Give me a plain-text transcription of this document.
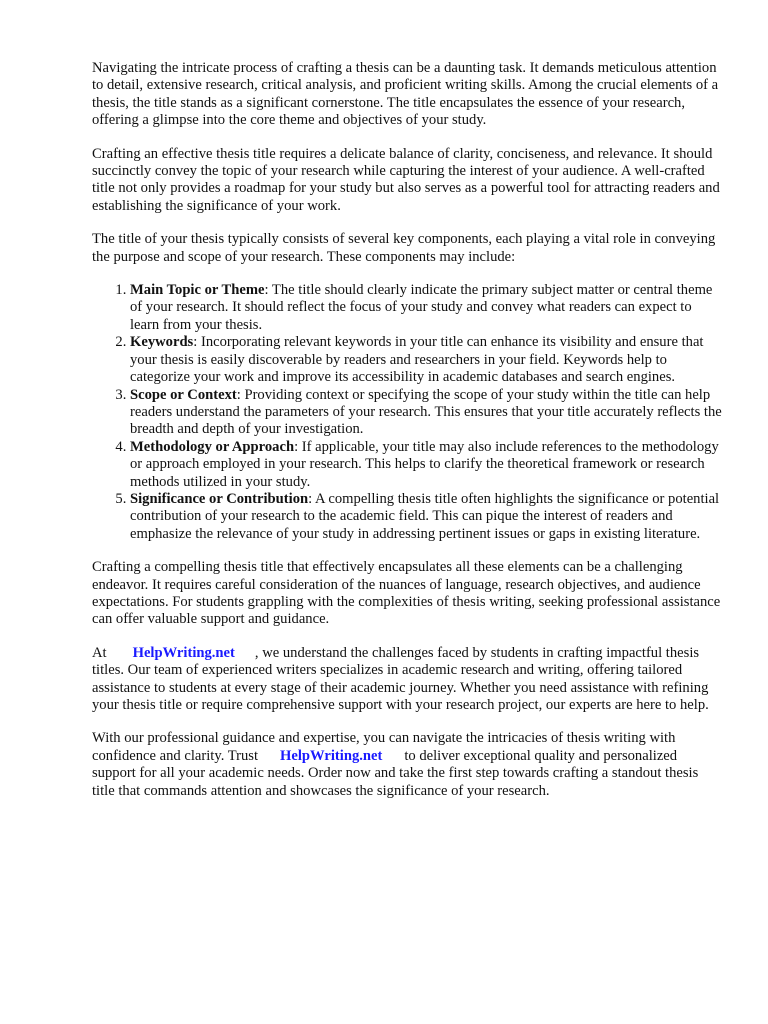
Navigating the intricate process of crafting a thesis can be a daunting task. It demands meticulous attention to detail, extensive research, critical analysis, and proficient writing skills. Among the crucial elements of a thesis, the title stands as a significant cornerstone. The title encapsulates the essence of your research, offering a glimpse into the core theme and objectives of your study.

Crafting an effective thesis title requires a delicate balance of clarity, conciseness, and relevance. It should succinctly convey the topic of your research while capturing the interest of your audience. A well-crafted title not only provides a roadmap for your study but also serves as a powerful tool for attracting readers and establishing the significance of your work.

The title of your thesis typically consists of several key components, each playing a vital role in conveying the purpose and scope of your research. These components may include:

1. Main Topic or Theme: The title should clearly indicate the primary subject matter or central theme of your research. It should reflect the focus of your study and convey what readers can expect to learn from your thesis.
2. Keywords: Incorporating relevant keywords in your title can enhance its visibility and ensure that your thesis is easily discoverable by readers and researchers in your field. Keywords help to categorize your work and improve its accessibility in academic databases and search engines.
3. Scope or Context: Providing context or specifying the scope of your study within the title can help readers understand the parameters of your research. This ensures that your title accurately reflects the breadth and depth of your investigation.
4. Methodology or Approach: If applicable, your title may also include references to the methodology or approach employed in your research. This helps to clarify the theoretical framework or research methods utilized in your study.
5. Significance or Contribution: A compelling thesis title often highlights the significance or potential contribution of your research to the academic field. This can pique the interest of readers and emphasize the relevance of your study in addressing pertinent issues or gaps in existing literature.

Crafting a compelling thesis title that effectively encapsulates all these elements can be a challenging endeavor. It requires careful consideration of the nuances of language, research objectives, and audience expectations. For students grappling with the complexities of thesis writing, seeking professional assistance can offer valuable support and guidance.

At HelpWriting.net , we understand the challenges faced by students in crafting impactful thesis titles. Our team of experienced writers specializes in academic research and writing, offering tailored assistance to students at every stage of their academic journey. Whether you need assistance with refining your thesis title or require comprehensive support with your research project, our experts are here to help.

With our professional guidance and expertise, you can navigate the intricacies of thesis writing with confidence and clarity. Trust HelpWriting.net to deliver exceptional quality and personalized support for all your academic needs. Order now and take the first step towards crafting a standout thesis title that commands attention and showcases the significance of your research.
